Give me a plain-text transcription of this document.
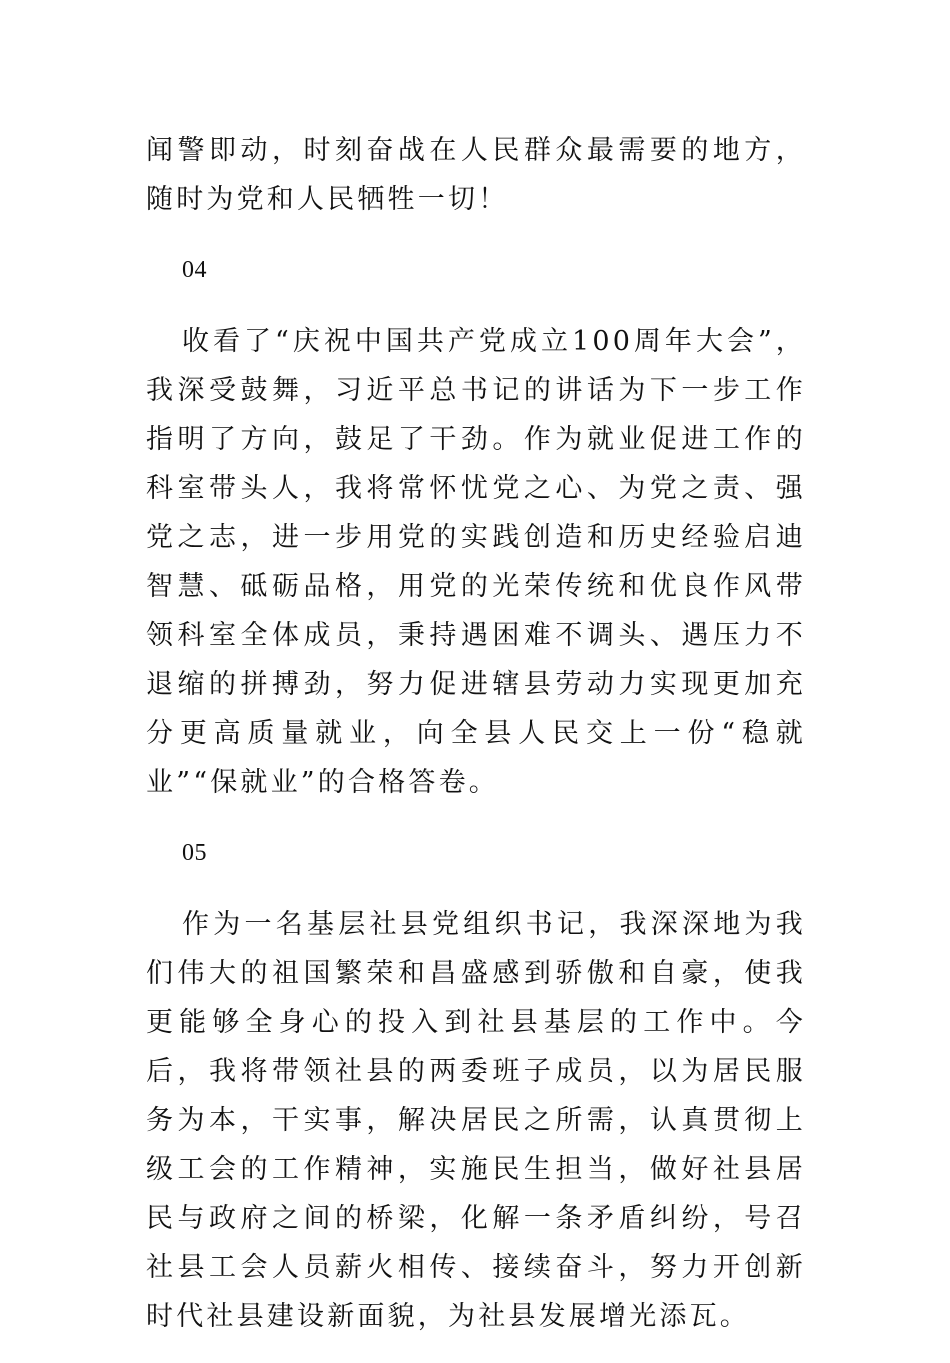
闻警即动，时刻奋战在人民群众最需要的地方，随时为党和人民牺牲一切！

04

收看了“庆祝中国共产党成立100周年大会”，我深受鼓舞，习近平总书记的讲话为下一步工作指明了方向，鼓足了干劲。作为就业促进工作的科室带头人，我将常怀忧党之心、为党之责、强党之志，进一步用党的实践创造和历史经验启迪智慧、砥砺品格，用党的光荣传统和优良作风带领科室全体成员，秉持遇困难不调头、遇压力不退缩的拼搏劲，努力促进辖县劳动力实现更加充分更高质量就业，向全县人民交上一份“稳就业”“保就业”的合格答卷。

05

作为一名基层社县党组织书记，我深深地为我们伟大的祖国繁荣和昌盛感到骄傲和自豪，使我更能够全身心的投入到社县基层的工作中。今后，我将带领社县的两委班子成员，以为居民服务为本，干实事，解决居民之所需，认真贯彻上级工会的工作精神，实施民生担当，做好社县居民与政府之间的桥梁，化解一条矛盾纠纷，号召社县工会人员薪火相传、接续奋斗，努力开创新时代社县建设新面貌，为社县发展增光添瓦。
